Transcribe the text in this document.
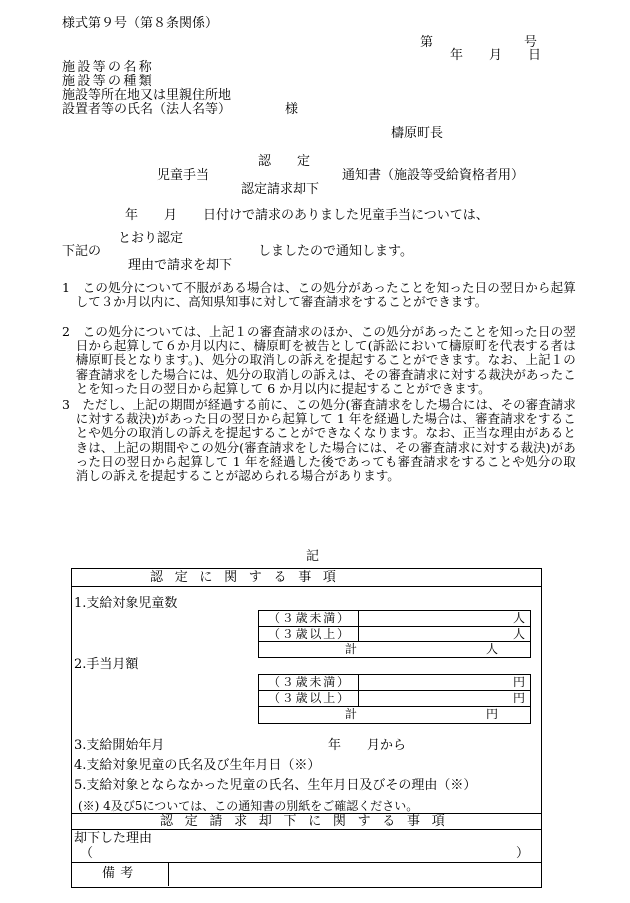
様式第９号（第８条関係）
第　　　　　　　号
年　　月　　日
施設等の名称
施設等の種類
施設等所在地又は里親住所地
設置者等の氏名（法人名等）	様
檮原町長
認　　定
児童手当	通知書（施設等受給資格者用）
認定請求却下
年　　月　　日付けで請求のありました児童手当については、
とおり認定
下記の	しましたので通知します。
理由で請求を却下
1　この処分について不服がある場合は、この処分があったことを知った日の翌日から起算して３か月以内に、高知県知事に対して審査請求をすることができます。
2　この処分については、上記１の審査請求のほか、この処分があったことを知った日の翌日から起算して６か月以内に、檮原町を被告として(訴訟において檮原町を代表する者は檮原町長となります。)、処分の取消しの訴えを提起することができます。なお、上記１の審査請求をした場合には、処分の取消しの訴えは、その審査請求に対する裁決があったことを知った日の翌日から起算して 6 か月以内に提起することができます。
3　ただし、上記の期間が経過する前に、この処分(審査請求をした場合には、その審査請求に対する裁決)があった日の翌日から起算して 1 年を経過した場合は、審査請求をすることや処分の取消しの訴えを提起することができなくなります。なお、正当な理由があるときは、上記の期間やこの処分(審査請求をした場合には、その審査請求に対する裁決)があった日の翌日から起算して 1 年を経過した後であっても審査請求をすることや処分の取消しの訴えを提起することが認められる場合があります。
記
認定に関する事項
1.支給対象児童数
（３歳未満）	人
（３歳以上）	人
計	人
2.手当月額
（３歳未満）	円
（３歳以上）	円
計	円
3.支給開始年月	年　　月から
4.支給対象児童の氏名及び生年月日（※）
5.支給対象とならなかった児童の氏名、生年月日及びその理由（※）
(※) 4及び5については、この通知書の別紙をご確認ください。
認定請求却下に関する事項
却下した理由
（	）
備考
